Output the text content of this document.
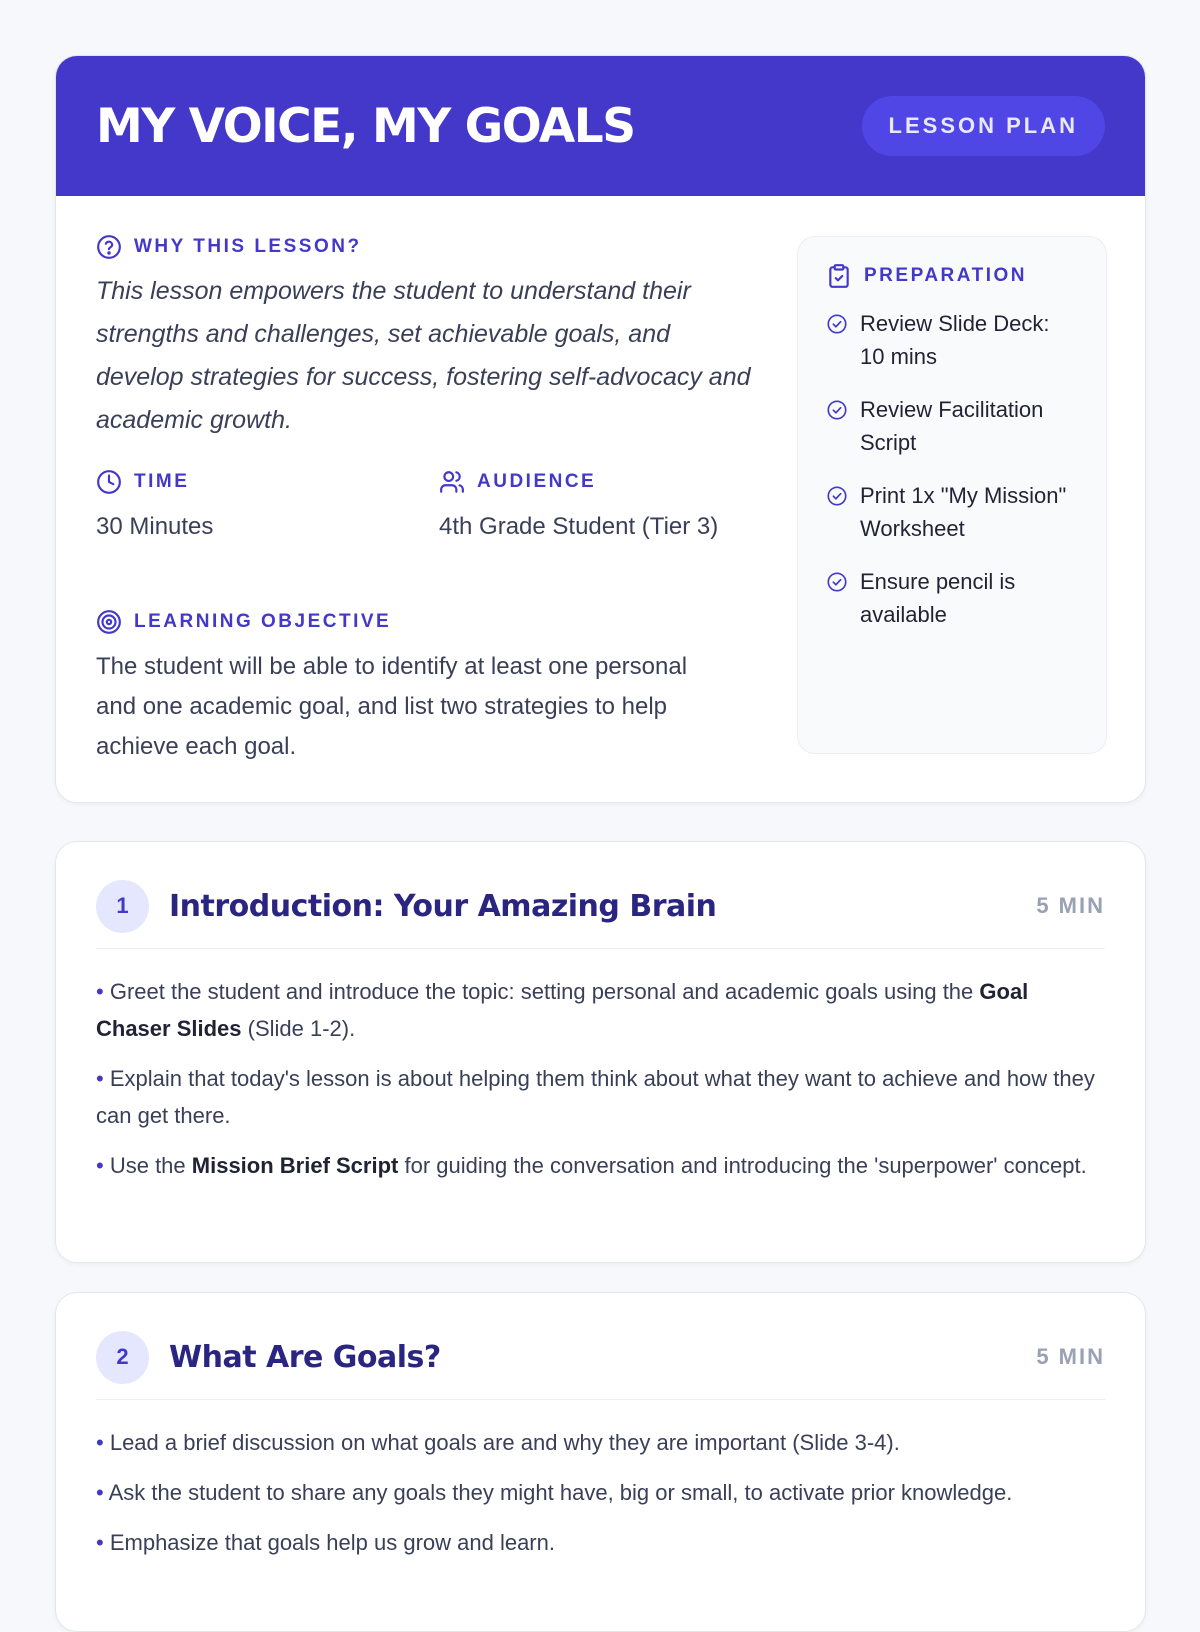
MY VOICE, MY GOALS	LESSON PLAN
WHY THIS LESSON?

This lesson empowers the student to understand their strengths and challenges, set achievable goals, and develop strategies for success, fostering self-advocacy and academic growth.

TIME

30 Minutes

AUDIENCE

4th Grade Student (Tier 3)

LEARNING OBJECTIVE

The student will be able to identify at least one personal and one academic goal, and list two strategies to help achieve each goal.

PREPARATION
Review Slide Deck: 10 mins
Review Facilitation Script
Print 1x "My Mission" Worksheet
Ensure pencil is available
1	Introduction: Your Amazing Brain	5 MIN

• Greet the student and introduce the topic: setting personal and academic goals using the Goal Chaser Slides (Slide 1-2).

• Explain that today's lesson is about helping them think about what they want to achieve and how they can get there.

• Use the Mission Brief Script for guiding the conversation and introducing the 'superpower' concept.

2	What Are Goals?	5 MIN

• Lead a brief discussion on what goals are and why they are important (Slide 3-4).

• Ask the student to share any goals they might have, big or small, to activate prior knowledge.

• Emphasize that goals help us grow and learn.
